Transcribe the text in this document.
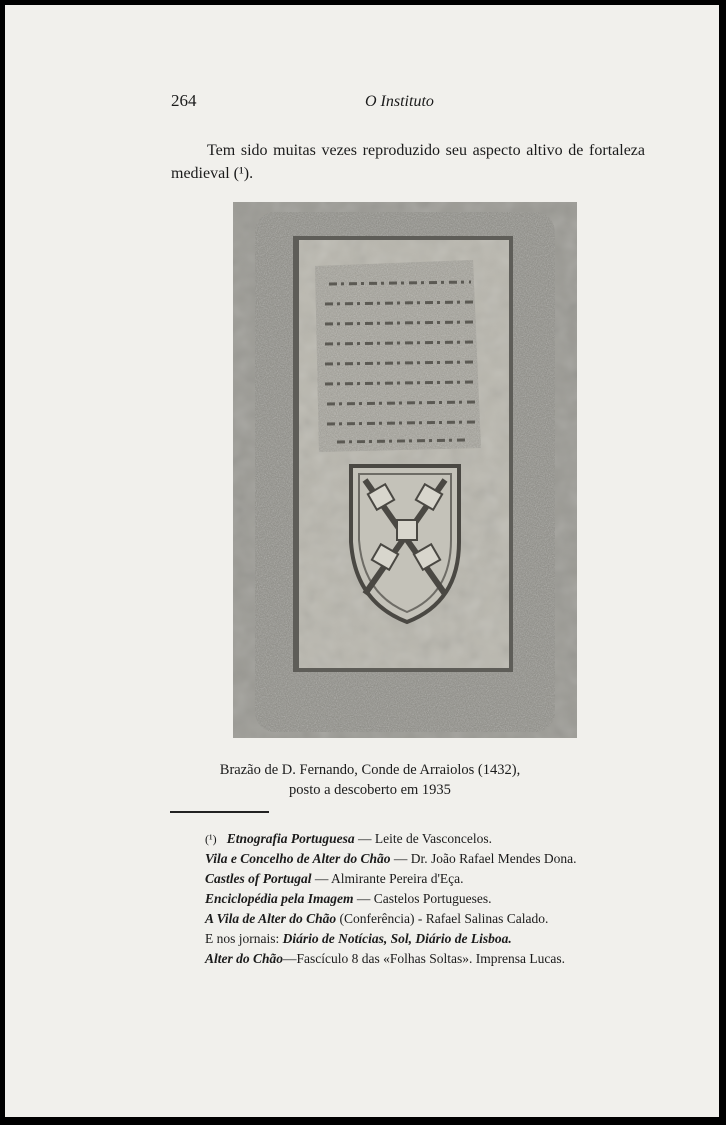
264	O Instituto

Tem sido muitas vezes reproduzido seu aspecto altivo de fortaleza medieval (¹).

Brazão de D. Fernando, Conde de Arraiolos (1432),
posto a descoberto em 1935
(¹) Etnografia Portuguesa — Leite de Vasconcelos.
Vila e Concelho de Alter do Chão — Dr. João Rafael Mendes Dona.
Castles of Portugal — Almirante Pereira d'Eça.
Enciclopédia pela Imagem — Castelos Portugueses.
A Vila de Alter do Chão (Conferência) - Rafael Salinas Calado.
E nos jornais: Diário de Notícias, Sol, Diário de Lisboa.
Alter do Chão—Fascículo 8 das «Folhas Soltas». Imprensa Lucas.
